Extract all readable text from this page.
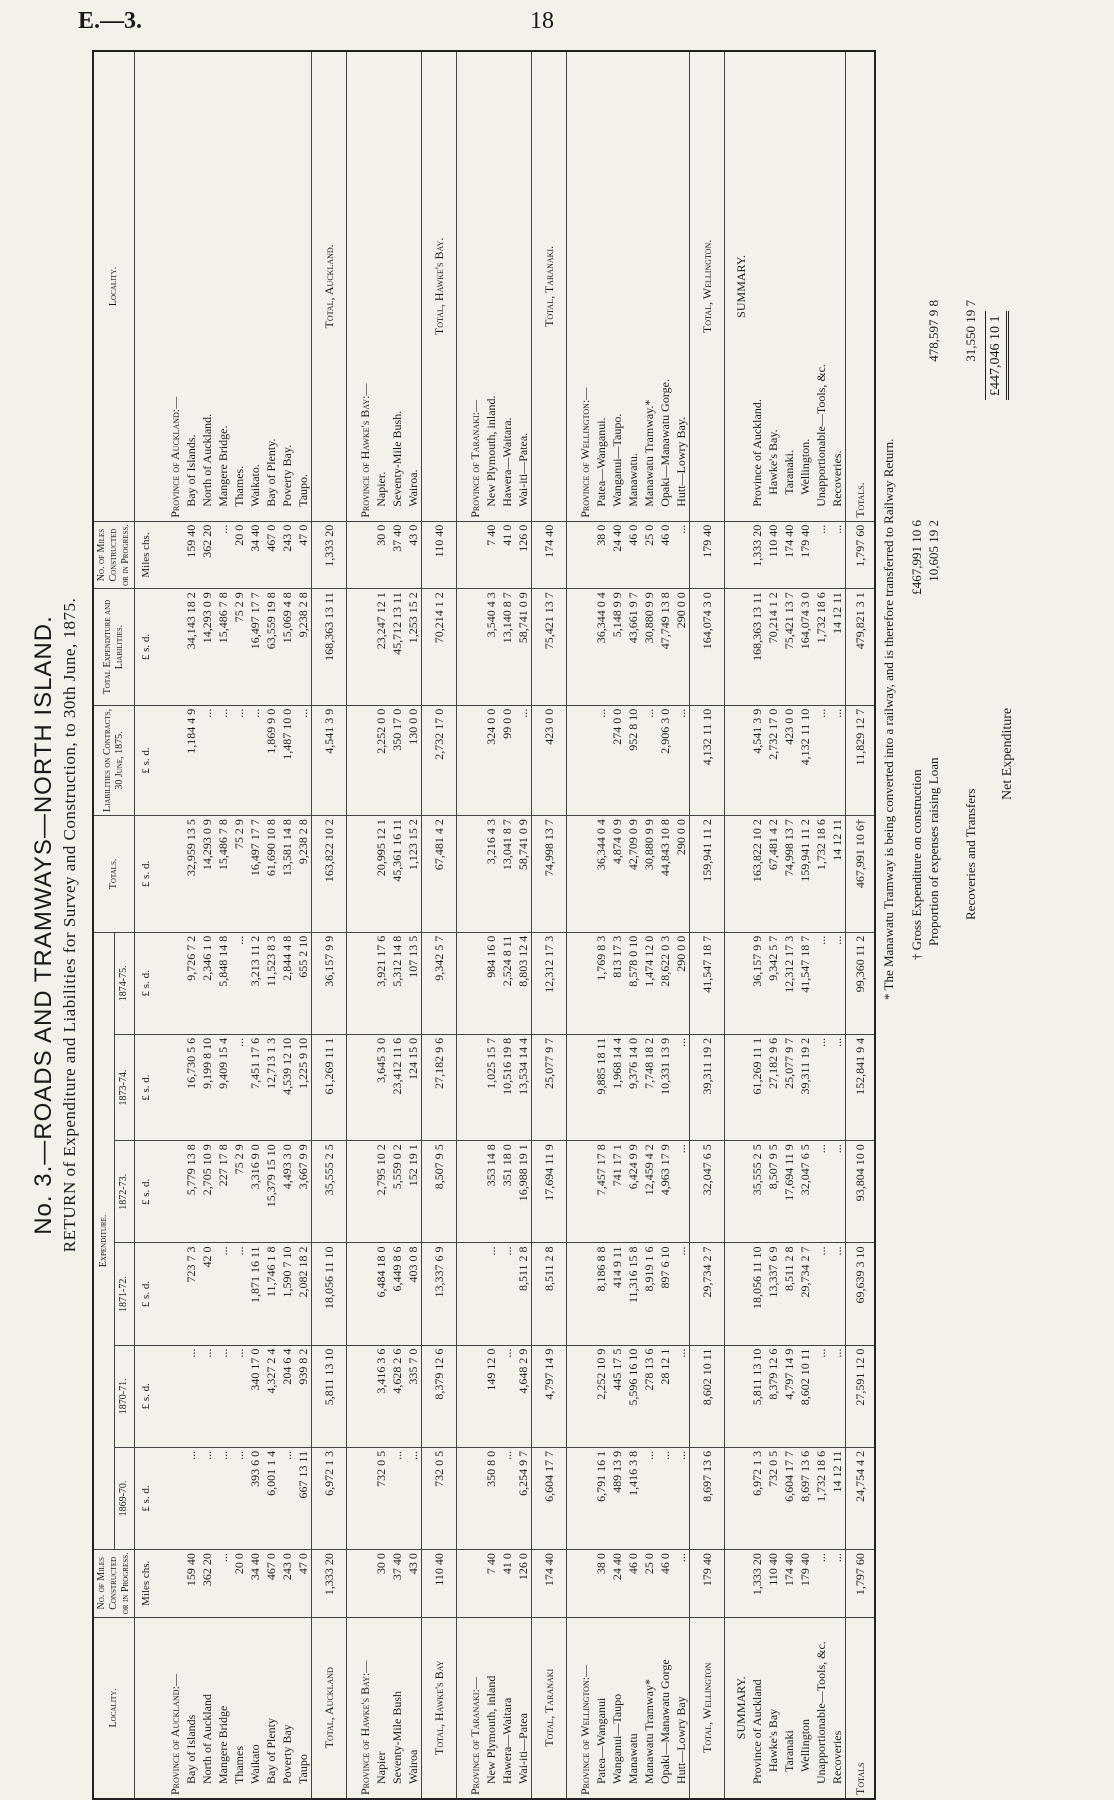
E.—3.	18
No. 3.—ROADS AND TRAMWAYS—NORTH ISLAND. RETURN of Expenditure and Liabilities for Survey and Construction, to 30th June, 1875.
Locality.	No. of Miles Constructed or in Progress.	Expenditure.						Totals.	Liabilities on Contracts, 30 June, 1875.	Total Expenditure and Liabilities.	No. of Miles Constructed or in Progress.	Locality.
		1869-70.	1870-71.	1871-72.	1872-73.	1873-74.	1874-75.					
	Miles chs.	£ s. d.	£ s. d.	£ s. d.	£ s. d.	£ s. d.	£ s. d.	£ s. d.	£ s. d.	£ s. d.	Miles chs.	
Province of Auckland:—												Province of Auckland:—
Bay of Islands	159 40	...	...	723 7 3	5,779 13 8	16,730 5 6	9,726 7 2	32,959 13 5	1,184 4 9	34,143 18 2	159 40	Bay of Islands.
North of Auckland	362 20	...	...	42 0	2,705 10 9	9,199 8 10	2,346 1 0	14,293 0 9	...	14,293 0 9	362 20	North of Auckland.
Mangere Bridge	...	...	...	...	227 17 8	9,409 15 4	5,848 14 8	15,486 7 8	...	15,486 7 8	...	Mangere Bridge.
Thames	20 0	...	...	...	75 2 9	...	...	75 2 9	...	75 2 9	20 0	Thames.
Waikato	34 40	393 6 0	340 17 0	1,871 16 11	3,316 9 0	7,451 17 6	3,213 11 2	16,497 17 7	...	16,497 17 7	34 40	Waikato.
Bay of Plenty	467 0	6,001 1 4	4,327 2 4	11,746 1 8	15,379 15 10	12,713 1 3	11,523 8 3	61,690 10 8	1,869 9 0	63,559 19 8	467 0	Bay of Plenty.
Poverty Bay	243 0	...	204 6 4	1,590 7 10	4,493 3 0	4,539 12 10	2,844 4 8	13,581 14 8	1,487 10 0	15,069 4 8	243 0	Poverty Bay.
Taupo	47 0	667 13 11	939 8 2	2,082 18 2	3,667 9 9	1,225 9 10	655 2 10	9,238 2 8	...	9,238 2 8	47 0	Taupo.
Total, Auckland	1,333 20	6,972 1 3	5,811 13 10	18,056 11 10	35,555 2 5	61,269 11 1	36,157 9 9	163,822 10 2	4,541 3 9	168,363 13 11	1,333 20	Total, Auckland.
Province of Hawke's Bay:—												Province of Hawke's Bay:—
Napier	30 0	732 0 5	3,416 3 6	6,484 18 0	2,795 10 2	3,645 3 0	3,921 17 6	20,995 12 1	2,252 0 0	23,247 12 1	30 0	Napier.
Seventy-Mile Bush	37 40	...	4,628 2 6	6,449 8 6	5,559 0 2	23,412 11 6	5,312 14 8	45,361 16 11	350 17 0	45,712 13 11	37 40	Seventy-Mile Bush.
Wairoa	43 0	...	335 7 0	403 0 8	152 19 1	124 15 0	107 13 5	1,123 15 2	130 0 0	1,253 15 2	43 0	Wairoa.
Total, Hawke's Bay	110 40	732 0 5	8,379 12 6	13,337 6 9	8,507 9 5	27,182 9 6	9,342 5 7	67,481 4 2	2,732 17 0	70,214 1 2	110 40	Total, Hawke's Bay.
Province of Taranaki:—												Province of Taranaki:—
New Plymouth, inland	7 40	350 8 0	149 12 0	...	353 14 8	1,025 15 7	984 16 0	3,216 4 3	324 0 0	3,540 4 3	7 40	New Plymouth, inland.
Hawera—Waitara	41 0	...	...	...	351 18 0	10,516 19 8	2,524 8 11	13,041 8 7	99 0 0	13,140 8 7	41 0	Hawera—Waitara.
Wai-iti—Patea	126 0	6,254 9 7	4,648 2 9	8,511 2 8	16,988 19 1	13,534 14 4	8,803 12 4	58,741 0 9	...	58,741 0 9	126 0	Wai-iti—Patea.
Total, Taranaki	174 40	6,604 17 7	4,797 14 9	8,511 2 8	17,694 11 9	25,077 9 7	12,312 17 3	74,998 13 7	423 0 0	75,421 13 7	174 40	Total, Taranaki.
Province of Wellington:—												Province of Wellington:—
Patea—Wanganui	38 0	6,791 16 1	2,252 10 9	8,186 8 8	7,457 17 8	9,885 18 11	1,769 8 3	36,344 0 4	...	36,344 0 4	38 0	Patea—Wanganui.
Wanganui—Taupo	24 40	489 13 9	445 17 5	414 9 11	741 17 1	1,968 14 4	813 17 3	4,874 0 9	274 0 0	5,148 9 9	24 40	Wanganui—Taupo.
Manawatu	46 0	1,416 3 8	5,596 16 10	11,316 15 8	6,424 9 9	9,376 14 0	8,578 0 10	42,709 0 9	952 8 10	43,661 9 7	46 0	Manawatu.
Manawatu Tramway*	25 0	...	278 13 6	8,919 1 6	12,459 4 2	7,748 18 2	1,474 12 0	30,880 9 9	...	30,880 9 9	25 0	Manawatu Tramway.*
Opaki—Manawatu Gorge	46 0	...	28 12 1	897 6 10	4,963 17 9	10,331 13 9	28,622 0 3	44,843 10 8	2,906 3 0	47,749 13 8	46 0	Opaki—Manawatu Gorge.
Hutt—Lowry Bay	...	...	...	...	...	...	290 0 0	290 0 0	...	290 0 0	...	Hutt—Lowry Bay.
Total, Wellington	179 40	8,697 13 6	8,602 10 11	29,734 2 7	32,047 6 5	39,311 19 2	41,547 18 7	159,941 11 2	4,132 11 10	164,074 3 0	179 40	Total, Wellington.
SUMMARY.												SUMMARY.
Province of Auckland	1,333 20	6,972 1 3	5,811 13 10	18,056 11 10	35,555 2 5	61,269 11 1	36,157 9 9	163,822 10 2	4,541 3 9	168,363 13 11	1,333 20	Province of Auckland.
Hawke's Bay	110 40	732 0 5	8,379 12 6	13,337 6 9	8,507 9 5	27,182 9 6	9,342 5 7	67,481 4 2	2,732 17 0	70,214 1 2	110 40	Hawke's Bay.
Taranaki	174 40	6,604 17 7	4,797 14 9	8,511 2 8	17,694 11 9	25,077 9 7	12,312 17 3	74,998 13 7	423 0 0	75,421 13 7	174 40	Taranaki.
Wellington	179 40	8,697 13 6	8,602 10 11	29,734 2 7	32,047 6 5	39,311 19 2	41,547 18 7	159,941 11 2	4,132 11 10	164,074 3 0	179 40	Wellington.
Unapportionable—Tools, &c.	...	1,732 18 6	...	...	...	...	...	1,732 18 6	...	1,732 18 6	...	Unapportionable—Tools, &c.
Recoveries	...	14 12 11	...	...	...	...	...	14 12 11	...	14 12 11	...	Recoveries.
Totals	1,797 60	24,754 4 2	27,591 12 0	69,639 3 10	93,804 10 0	152,841 9 4	99,360 11 2	467,991 10 6†	11,829 12 7	479,821 3 1	1,797 60	Totals. * The Manawatu Tramway is being converted into a railway, and is therefore transferred to Railway Return. † Gross Expenditure on construction
£467,991 10 6
Proportion of expenses raising Loan
10,605 19 2
478,597 9 8
Recoveries and Transfers
31,550 19 7
Net Expenditure
£447,046 10 1
